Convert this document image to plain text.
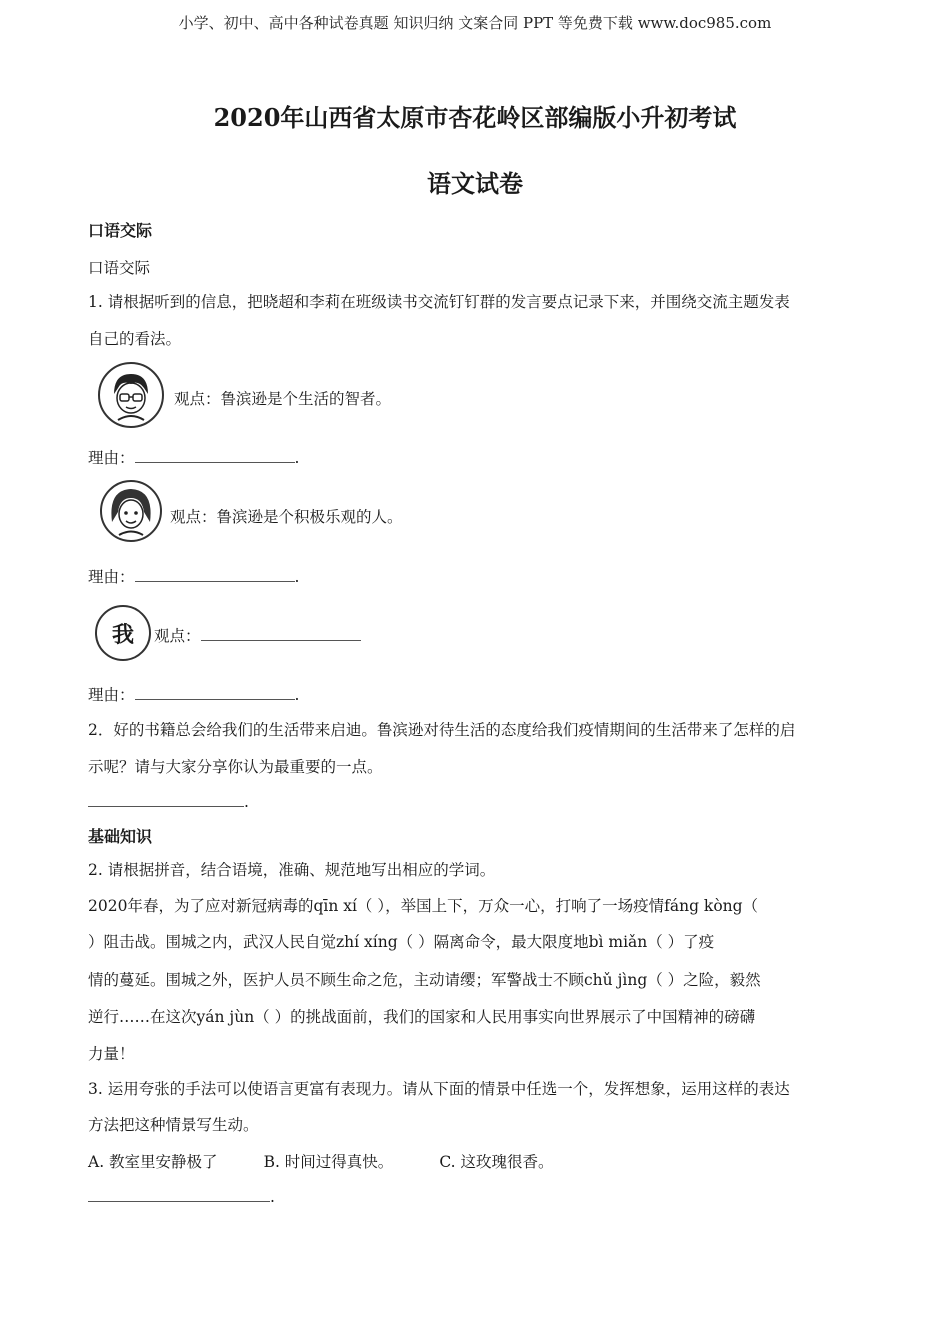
小学、初中、高中各种试卷真题 知识归纳 文案合同 PPT 等免费下载 www.doc985.com
2020年山西省太原市杏花岭区部编版小升初考试
语文试卷
口语交际
口语交际
1. 请根据听到的信息，把晓超和李莉在班级读书交流钉钉群的发言要点记录下来，并围绕交流主题发表
自己的看法。
观点：鲁滨逊是个生活的智者。
理由：	.
观点：鲁滨逊是个积极乐观的人。
理由：	.
我	观点：
理由：	.
2．好的书籍总会给我们的生活带来启迪。鲁滨逊对待生活的态度给我们疫情期间的生活带来了怎样的启
示呢？请与大家分享你认为最重要的一点。
.
基础知识
2. 请根据拼音，结合语境，准确、规范地写出相应的学词。
2020年春，为了应对新冠病毒的qīn xí（ ），举国上下，万众一心，打响了一场疫情fáng kòng（
）阻击战。围城之内，武汉人民自觉zhí xíng（ ）隔离命令，最大限度地bì miǎn（ ）了疫
情的蔓延。围城之外，医护人员不顾生命之危，主动请缨；军警战士不顾chǔ jìng（ ）之险，毅然
逆行……在这次yán jùn（ ）的挑战面前，我们的国家和人民用事实向世界展示了中国精神的磅礴
力量！
3. 运用夸张的手法可以使语言更富有表现力。请从下面的情景中任选一个，发挥想象，运用这样的表达
方法把这种情景写生动。
A. 教室里安静极了	B. 时间过得真快。	C. 这玫瑰很香。
.
